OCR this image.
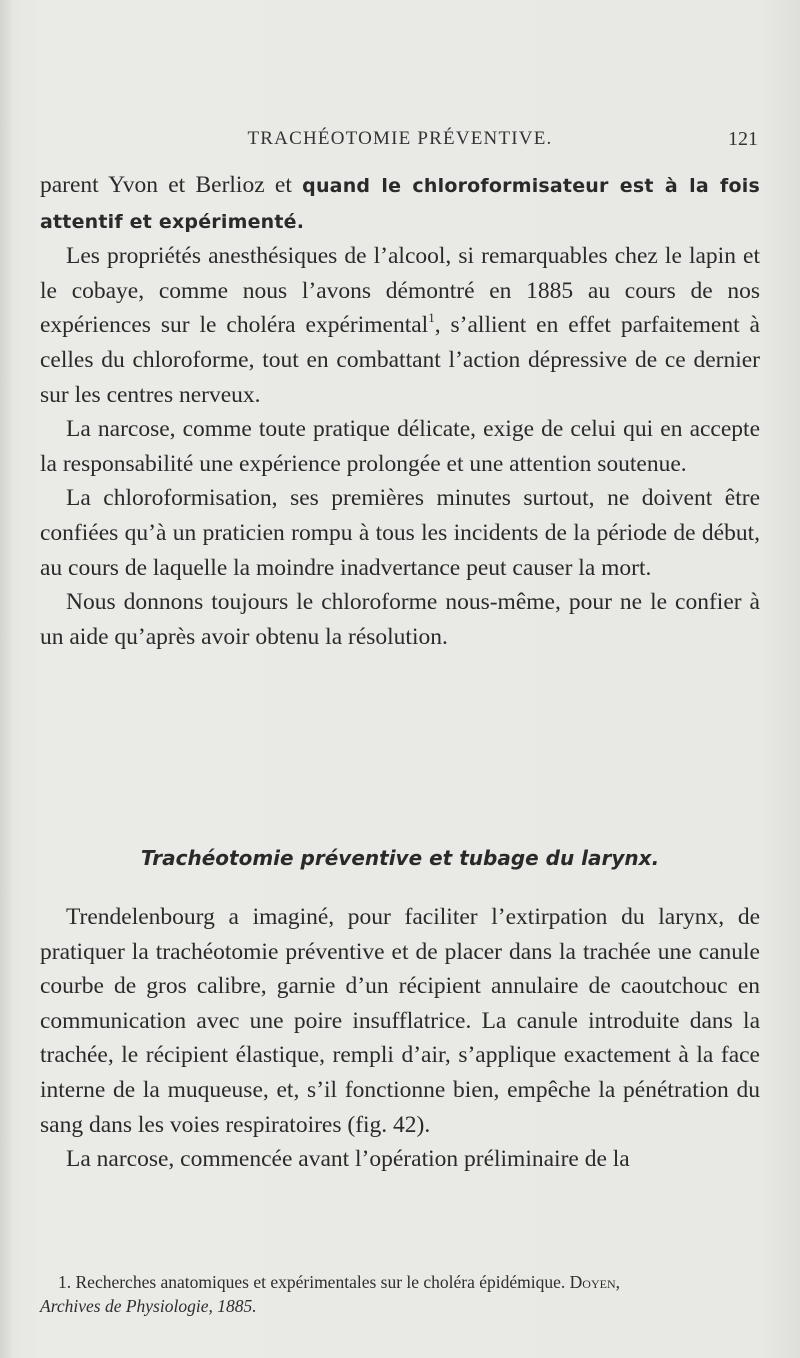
TRACHÉOTOMIE PRÉVENTIVE.	121

parent Yvon et Berlioz et quand le chloroformisateur est à la fois attentif et expérimenté.

Les propriétés anesthésiques de l’alcool, si remarquables chez le lapin et le cobaye, comme nous l’avons démontré en 1885 au cours de nos expériences sur le choléra expérimental$^1$, s’allient en effet parfaitement à celles du chloroforme, tout en combattant l’action dépressive de ce dernier sur les centres nerveux.

La narcose, comme toute pratique délicate, exige de celui qui en accepte la responsabilité une expérience prolongée et une attention soutenue.

La chloroformisation, ses premières minutes surtout, ne doivent être confiées qu’à un praticien rompu à tous les incidents de la période de début, au cours de laquelle la moindre inadvertance peut causer la mort.

Nous donnons toujours le chloroforme nous-même, pour ne le confier à un aide qu’après avoir obtenu la résolution.

Trachéotomie préventive et tubage du larynx.

Trendelenbourg a imaginé, pour faciliter l’extirpation du larynx, de pratiquer la trachéotomie préventive et de placer dans la trachée une canule courbe de gros calibre, garnie d’un récipient annulaire de caoutchouc en communication avec une poire insufflatrice. La canule introduite dans la trachée, le récipient élastique, rempli d’air, s’applique exactement à la face interne de la muqueuse, et, s’il fonctionne bien, empêche la pénétration du sang dans les voies respiratoires (fig. 42).

La narcose, commencée avant l’opération préliminaire de la

1. Recherches anatomiques et expérimentales sur le choléra épidémique. Doyen,
Archives de Physiologie, 1885.
